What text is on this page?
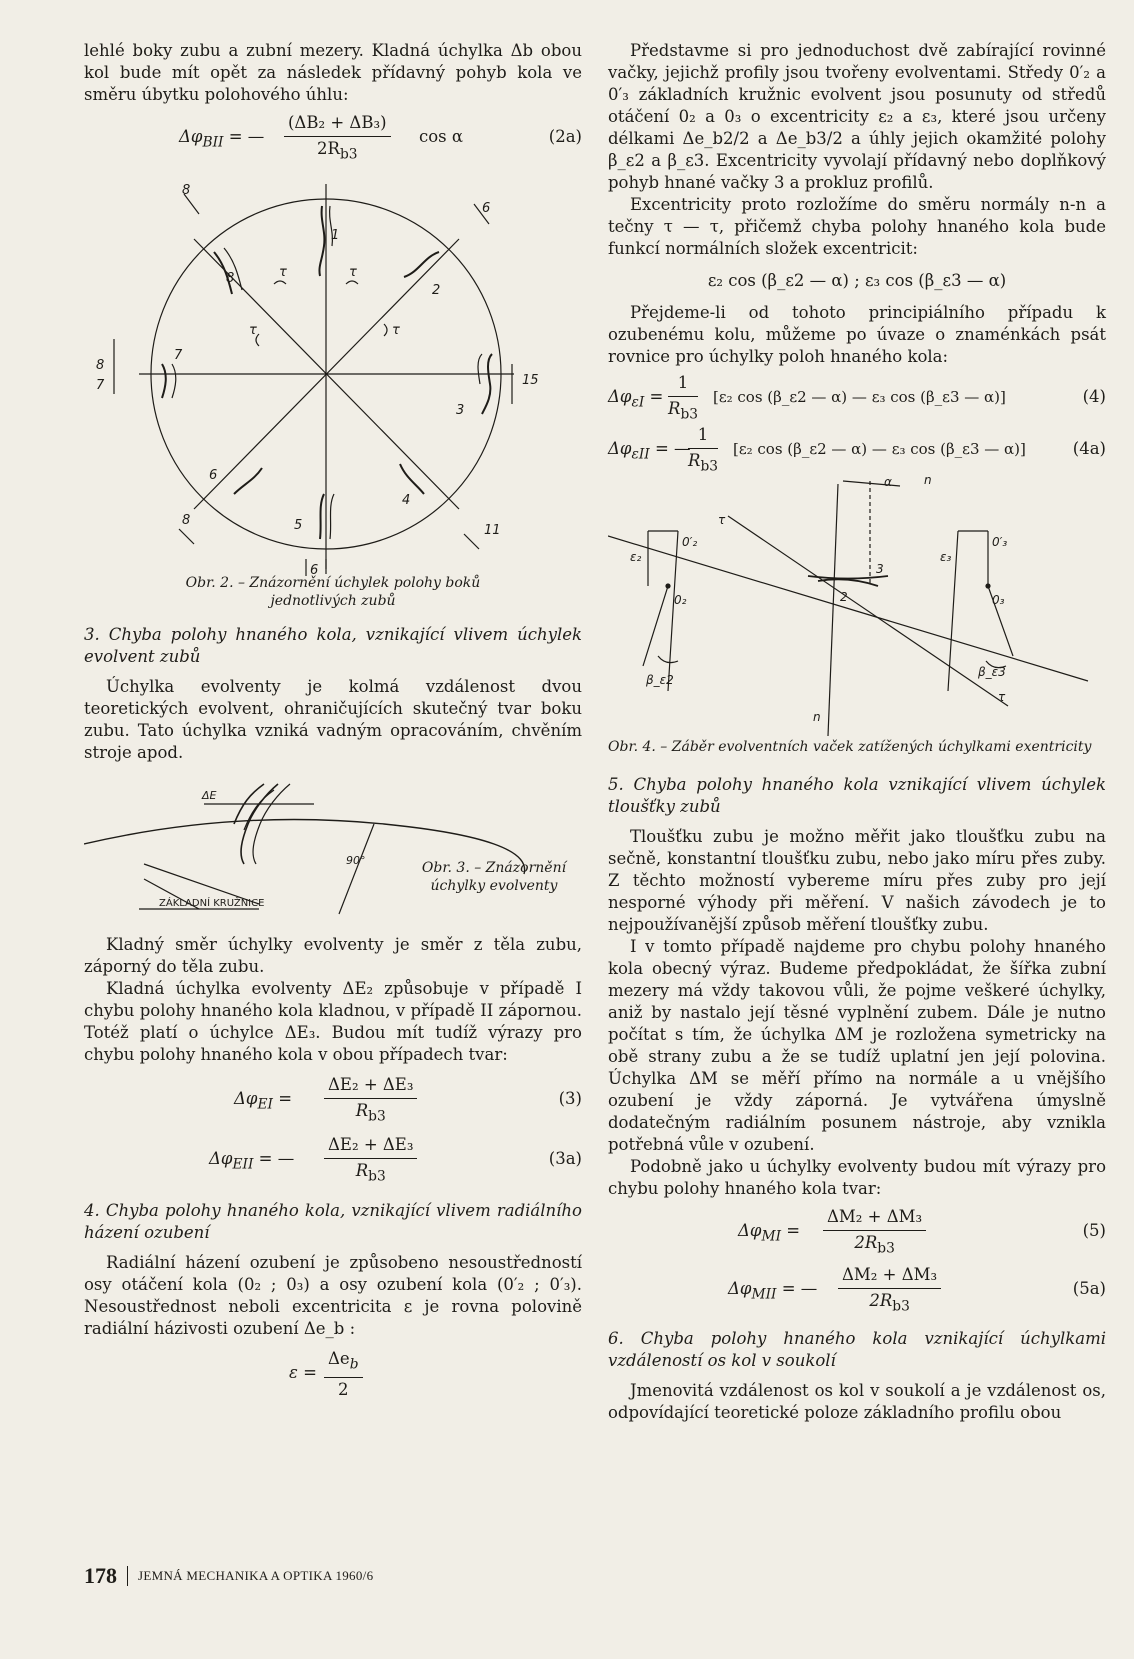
lehlé boky zubu a zubní mezery. Kladná úchylka Δb obou kol bude mít opět za následek přídavný pohyb kola ve směru úbytku polohového úhlu:

$\Delta\varphi_{BII}$ = — $\frac{\text{(ΔB₂ + ΔB₃)}}{2R_{b3}}$ cos α	(2a)
1
2
3
4
5
6
7
8
8
15
11
6
8
8
6
7
τ	τ
τ	τ

Obr. 2. – Znázornění úchylek polohy boků jednotlivých zubů

3. Chyba polohy hnaného kola, vznikající vlivem úchylek evolvent zubů

Úchylka evolventy je kolmá vzdálenost dvou teoretických evolvent, ohraničujících skutečný tvar boku zubu. Tato úchylka vzniká vadným opracováním, chvěním stroje apod.

ΔE
90°
ZÁKLADNÍ KRUŽNICE

Obr. 3. – Znázornění úchylky evolventy

Kladný směr úchylky evolventy je směr z těla zubu, záporný do těla zubu.

Kladná úchylka evolventy ΔE₂ způsobuje v případě I chybu polohy hnaného kola kladnou, v případě II zápornou. Totéž platí o úchylce ΔE₃. Budou mít tudíž výrazy pro chybu polohy hnaného kola v obou případech tvar:

$\Delta\varphi_{EI} = \frac{\text{ΔE₂ + ΔE₃}}{R_{b3}}$	(3)
$\Delta\varphi_{EII}$ = — $\frac{\text{ΔE₂ + ΔE₃}}{R_{b3}}$	(3a)

4. Chyba polohy hnaného kola, vznikající vlivem radiálního házení ozubení

Radiální házení ozubení je způsobeno nesoustředností osy otáčení kola (0₂ ; 0₃) a osy ozubení kola (0′₂ ; 0′₃). Nesoustřednost neboli excentricita ε je rovna polovině radiální házivosti ozubení Δe_b :

ε =
$\Delta e_b$
2

Představme si pro jednoduchost dvě zabírající rovinné vačky, jejichž profily jsou tvořeny evolventami. Středy 0′₂ a 0′₃ základních kružnic evolvent jsou posunuty od středů otáčení 0₂ a 0₃ o excentricity ε₂ a ε₃, které jsou určeny délkami Δe_b2/2 a Δe_b3/2 a úhly jejich okamžité polohy β_ε2 a β_ε3. Excentricity vyvolají přídavný nebo doplňkový pohyb hnané vačky 3 a prokluz profilů.

Excentricity proto rozložíme do směru normály n-n a tečny τ — τ, přičemž chyba polohy hnaného kola bude funkcí normálních složek excentricit:

ε₂ cos (β_ε2 — α) ; ε₃ cos (β_ε3 — α)

Přejdeme-li od tohoto principiálního případu k ozubenému kolu, můžeme po úvaze o znaménkách psát rovnice pro úchylky poloh hnaného kola:

$\Delta\varphi_{\varepsilon I} = \frac{1}{R_{b3}} [\varepsilon_2$ cos (β_ε2 — α) — ε₃ cos (β_ε3 — α)]	(4)
$\Delta\varphi_{\varepsilon II}$ = —
$\frac{1}{R_{b3}} [\varepsilon_2$ cos (β_ε2 — α) — ε₃ cos (β_ε3 — α)]	(4a)
α	n
n
τ
τ
2
3
0₂	0₃
0′₂	0′₃
ε₂	ε₃
β_ε2
β_ε3

Obr. 4. – Záběr evolventních vaček zatížených úchylkami exentricity

5. Chyba polohy hnaného kola vznikající vlivem úchylek tloušťky zubů

Tloušťku zubu je možno měřit jako tloušťku zubu na sečně, konstantní tloušťku zubu, nebo jako míru přes zuby. Z těchto možností vybereme míru přes zuby pro její nesporné výhody při měření. V našich závodech je to nejpoužívanější způsob měření tloušťky zubu.

I v tomto případě najdeme pro chybu polohy hnaného kola obecný výraz. Budeme předpokládat, že šířka zubní mezery má vždy takovou vůli, že pojme veškeré úchylky, aniž by nastalo její těsné vyplnění zubem. Dále je nutno počítat s tím, že úchylka ΔM je rozložena symetricky na obě strany zubu a že se tudíž uplatní jen její polovina. Úchylka ΔM se měří přímo na normále a u vnějšího ozubení je vždy záporná. Je vytvářena úmyslně dodatečným radiálním posunem nástroje, aby vznikla potřebná vůle v ozubení.

Podobně jako u úchylky evolventy budou mít výrazy pro chybu polohy hnaného kola tvar:

$\Delta\varphi_{MI} = \frac{\text{ΔM₂ + ΔM₃}}{2R_{b3}}$	(5)
$\Delta\varphi_{MII}$ = — $\frac{\text{ΔM₂ + ΔM₃}}{2R_{b3}}$	(5a)

6. Chyba polohy hnaného kola vznikající úchylkami vzdáleností os kol v soukolí

Jmenovitá vzdálenost os kol v soukolí a je vzdálenost os, odpovídající teoretické poloze základního profilu obou

178 JEMNÁ MECHANIKA A OPTIKA 1960/6
